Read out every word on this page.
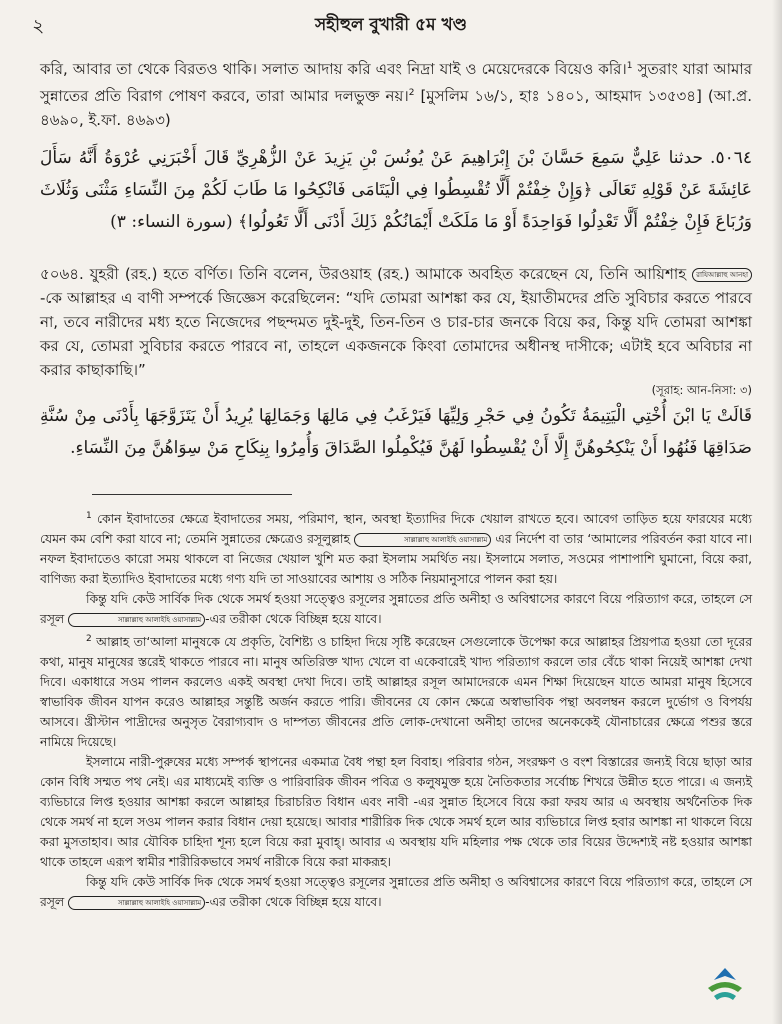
২	সহীহুল বুখারী ৫ম খণ্ড

করি, আবার তা থেকে বিরতও থাকি। সলাত আদায় করি এবং নিদ্রা যাই ও মেয়েদেরকে বিয়েও করি।$^1$ সুতরাং যারা আমার সুন্নাতের প্রতি বিরাগ পোষণ করবে, তারা আমার দলভুক্ত নয়।$^2$ [মুসলিম ১৬/১, হাঃ ১৪০১, আহমাদ ১৩৫৩৪] (আ.প্র. ৪৬৯০, ই.ফা. ৪৬৯৩)

٥٠٦٤. حدثنا عَلِيٌّ سَمِعَ حَسَّانَ بْنَ إِبْرَاهِيمَ عَنْ يُونُسَ بْنِ يَزِيدَ عَنْ الزُّهْرِيِّ قَالَ أَخْبَرَنِي عُرْوَةُ أَنَّهُ سَأَلَ عَائِشَةَ عَنْ قَوْلِهِ تَعَالَى ﴿وَإِنْ خِفْتُمْ أَلَّا تُقْسِطُوا فِي الْيَتَامَى فَانْكِحُوا مَا طَابَ لَكُمْ مِنَ النِّسَاءِ مَثْنَى وَثُلَاثَ وَرُبَاعَ فَإِنْ خِفْتُمْ أَلَّا تَعْدِلُوا فَوَاحِدَةً أَوْ مَا مَلَكَتْ أَيْمَانُكُمْ ذَلِكَ أَدْنَى أَلَّا تَعُولُوا﴾ (سورة النساء: ٣)

৫০৬৪. যুহরী (রহ.) হতে বর্ণিত। তিনি বলেন, উরওয়াহ (রহ.) আমাকে অবহিত করেছেন যে, তিনি আয়িশাহ রাযিআল্লাহু আনহা-কে আল্লাহর এ বাণী সম্পর্কে জিজ্ঞেস করেছিলেন: “যদি তোমরা আশঙ্কা কর যে, ইয়াতীমদের প্রতি সুবিচার করতে পারবে না, তবে নারীদের মধ্য হতে নিজেদের পছন্দমত দুই-দুই, তিন-তিন ও চার-চার জনকে বিয়ে কর, কিন্তু যদি তোমরা আশঙ্কা কর যে, তোমরা সুবিচার করতে পারবে না, তাহলে একজনকে কিংবা তোমাদের অধীনস্থ দাসীকে; এটাই হবে অবিচার না করার কাছাকাছি।”

(সূরাহ: আন-নিসা: ৩)

قَالَتْ يَا ابْنَ أُخْتِي الْيَتِيمَةُ تَكُونُ فِي حَجْرِ وَلِيِّهَا فَيَرْغَبُ فِي مَالِهَا وَجَمَالِهَا يُرِيدُ أَنْ يَتَزَوَّجَهَا بِأَدْنَى مِنْ سُنَّةِ صَدَاقِهَا فَنُهُوا أَنْ يَنْكِحُوهُنَّ إِلَّا أَنْ يُقْسِطُوا لَهُنَّ فَيُكْمِلُوا الصَّدَاقَ وَأُمِرُوا بِنِكَاحِ مَنْ سِوَاهُنَّ مِنَ النِّسَاءِ.

$^1$ কোন ইবাদাতের ক্ষেত্রে ইবাদাতের সময়, পরিমাণ, স্থান, অবস্থা ইত্যাদির দিকে খেয়াল রাখতে হবে। আবেগ তাড়িত হয়ে ফারযের মধ্যে যেমন কম বেশি করা যাবে না; তেমনি সুন্নাতের ক্ষেত্রেও রসূলুল্লাহ	সাল্লাল্লাহু আলাইহি ওয়াসাল্লাম এর নির্দেশ বা তার ‘আমালের পরিবর্তন করা যাবে না। নফল ইবাদাতেও কারো সময় থাকলে বা নিজের খেয়াল খুশি মত করা ইসলাম সমর্থিত নয়। ইসলামে সলাত, সওমের পাশাপাশি ঘুমানো, বিয়ে করা, বাণিজ্য করা ইত্যাদিও ইবাদাতের মধ্যে গণ্য যদি তা সাওয়াবের আশায় ও সঠিক নিয়মানুসারে পালন করা হয়।

কিন্তু যদি কেউ সার্বিক দিক থেকে সমর্থ হওয়া সত্ত্বেও রসূলের সুন্নাতের প্রতি অনীহা ও অবিশ্বাসের কারণে বিয়ে পরিত্যাগ করে, তাহলে সে রসূল	সাল্লাল্লাহু আলাইহি ওয়াসাল্লাম -এর তরীকা থেকে বিচ্ছিন্ন হয়ে যাবে।

$^2$ আল্লাহ তা‘আলা মানুষকে যে প্রকৃতি, বৈশিষ্ট্য ও চাহিদা দিয়ে সৃষ্টি করেছেন সেগুলোকে উপেক্ষা করে আল্লাহর প্রিয়পাত্র হওয়া তো দূরের কথা, মানুষ মানুষের স্তরেই থাকতে পারবে না। মানুষ অতিরিক্ত খাদ্য খেলে বা একেবারেই খাদ্য পরিত্যাগ করলে তার বেঁচে থাকা নিয়েই আশঙ্কা দেখা দিবে। একাধারে সওম পালন করলেও একই অবস্থা দেখা দিবে। তাই আল্লাহর রসূল আমাদেরকে এমন শিক্ষা দিয়েছেন যাতে আমরা মানুষ হিসেবে স্বাভাবিক জীবন যাপন করেও আল্লাহর সন্তুষ্টি অর্জন করতে পারি। জীবনের যে কোন ক্ষেত্রে অস্বাভাবিক পন্থা অবলম্বন করলে দুর্ভোগ ও বিপর্যয় আসবে। খ্রীস্টান পাদ্রীদের অনুসৃত বৈরাগ্যবাদ ও দাম্পত্য জীবনের প্রতি লোক-দেখানো অনীহা তাদের অনেককেই যৌনাচারের ক্ষেত্রে পশুর স্তরে নামিয়ে দিয়েছে।

ইসলামে নারী-পুরুষের মধ্যে সম্পর্ক স্থাপনের একমাত্র বৈধ পন্থা হল বিবাহ। পরিবার গঠন, সংরক্ষণ ও বংশ বিস্তারের জন্যই বিয়ে ছাড়া আর কোন বিধি সম্মত পথ নেই। এর মাধ্যমেই ব্যক্তি ও পারিবারিক জীবন পবিত্র ও কলুষমুক্ত হয়ে নৈতিকতার সর্বোচ্চ শিখরে উন্নীত হতে পারে। এ জন্যই ব্যভিচারে লিপ্ত হওয়ার আশঙ্কা করলে আল্লাহর চিরাচরিত বিধান এবং নাবী -এর সুন্নাত হিসেবে বিয়ে করা ফরয আর এ অবস্থায় অর্থনৈতিক দিক থেকে সমর্থ না হলে সওম পালন করার বিধান দেয়া হয়েছে। আবার শারীরিক দিক থেকে সমর্থ হলে আর ব্যভিচারে লিপ্ত হবার আশঙ্কা না থাকলে বিয়ে করা মুসতাহাব। আর যৌবিক চাহিদা শূন্য হলে বিয়ে করা মুবাহ্‌। আবার এ অবস্থায় যদি মহিলার পক্ষ থেকে তার বিয়ের উদ্দেশ্যই নষ্ট হওয়ার আশঙ্কা থাকে তাহলে এরূপ স্বামীর শারীরিকভাবে সমর্থ নারীকে বিয়ে করা মাকরূহ।

কিন্তু যদি কেউ সার্বিক দিক থেকে সমর্থ হওয়া সত্ত্বেও রসূলের সুন্নাতের প্রতি অনীহা ও অবিশ্বাসের কারণে বিয়ে পরিত্যাগ করে, তাহলে সে রসূল	সাল্লাল্লাহু আলাইহি ওয়াসাল্লাম -এর তরীকা থেকে বিচ্ছিন্ন হয়ে যাবে।
